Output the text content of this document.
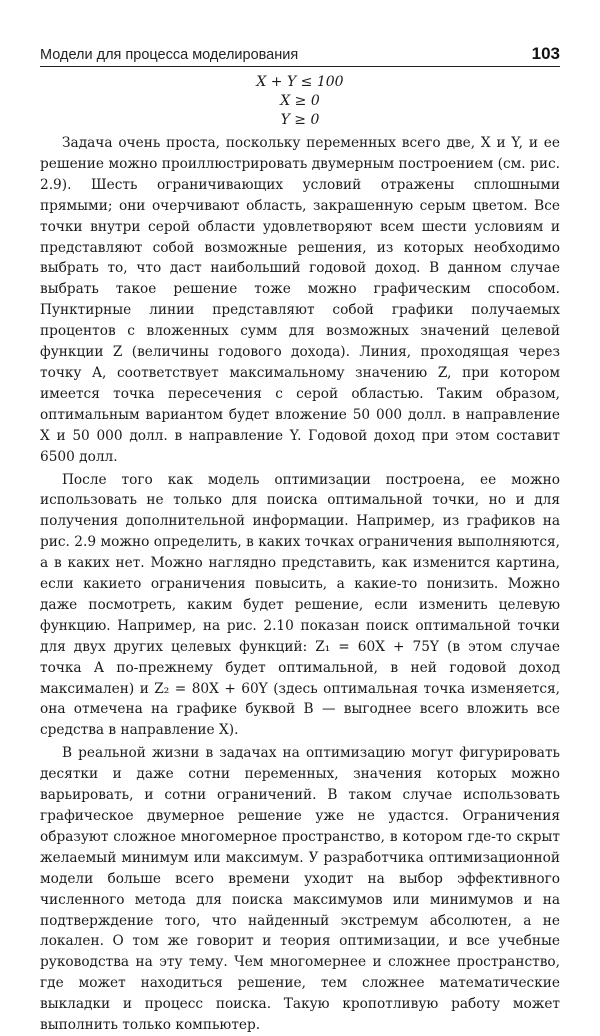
Модели для процесса моделирования	103
X + Y ≤ 100
X ≥ 0
Y ≥ 0

Задача очень проста, поскольку переменных всего две, X и Y, и ее решение можно проиллюстрировать двумерным построением (см. рис. 2.9). Шесть ограничивающих условий отражены сплошными прямыми; они очерчивают область, закрашенную серым цветом. Все точки внутри серой области удовлетворяют всем шести условиям и представляют собой возможные решения, из которых необходимо выбрать то, что даст наибольший годовой доход. В данном случае выбрать такое решение тоже можно графическим способом. Пунктирные линии представляют собой графики получаемых процентов с вложенных сумм для возможных значений целевой функции Z (величины годового дохода). Линия, проходящая через точку A, соответствует максимальному значению Z, при котором имеется точка пересечения с серой областью. Таким образом, оптимальным вариантом будет вложение 50 000 долл. в направление X и 50 000 долл. в направление Y. Годовой доход при этом составит 6500 долл.

После того как модель оптимизации построена, ее можно использовать не только для поиска оптимальной точки, но и для получения дополнительной информации. Например, из графиков на рис. 2.9 можно определить, в каких точках ограничения выполняются, а в каких нет. Можно наглядно представить, как изменится картина, если какието ограничения повысить, а какие-то понизить. Можно даже посмотреть, каким будет решение, если изменить целевую функцию. Например, на рис. 2.10 показан поиск оптимальной точки для двух других целевых функций: Z₁ = 60X + 75Y (в этом случае точка A по-прежнему будет оптимальной, в ней годовой доход максимален) и Z₂ = 80X + 60Y (здесь оптимальная точка изменяется, она отмечена на графике буквой B — выгоднее всего вложить все средства в направление X).

В реальной жизни в задачах на оптимизацию могут фигурировать десятки и даже сотни переменных, значения которых можно варьировать, и сотни ограничений. В таком случае использовать графическое двумерное решение уже не удастся. Ограничения образуют сложное многомерное пространство, в котором где-то скрыт желаемый минимум или максимум. У разработчика оптимизационной модели больше всего времени уходит на выбор эффективного численного метода для поиска максимумов или минимумов и на подтверждение того, что найденный экстремум абсолютен, а не локален. О том же говорит и теория оптимизации, и все учебные руководства на эту тему. Чем многомернее и сложнее пространство, где может находиться решение, тем сложнее математические выкладки и процесс поиска. Такую кропотливую работу может выполнить только компьютер.
